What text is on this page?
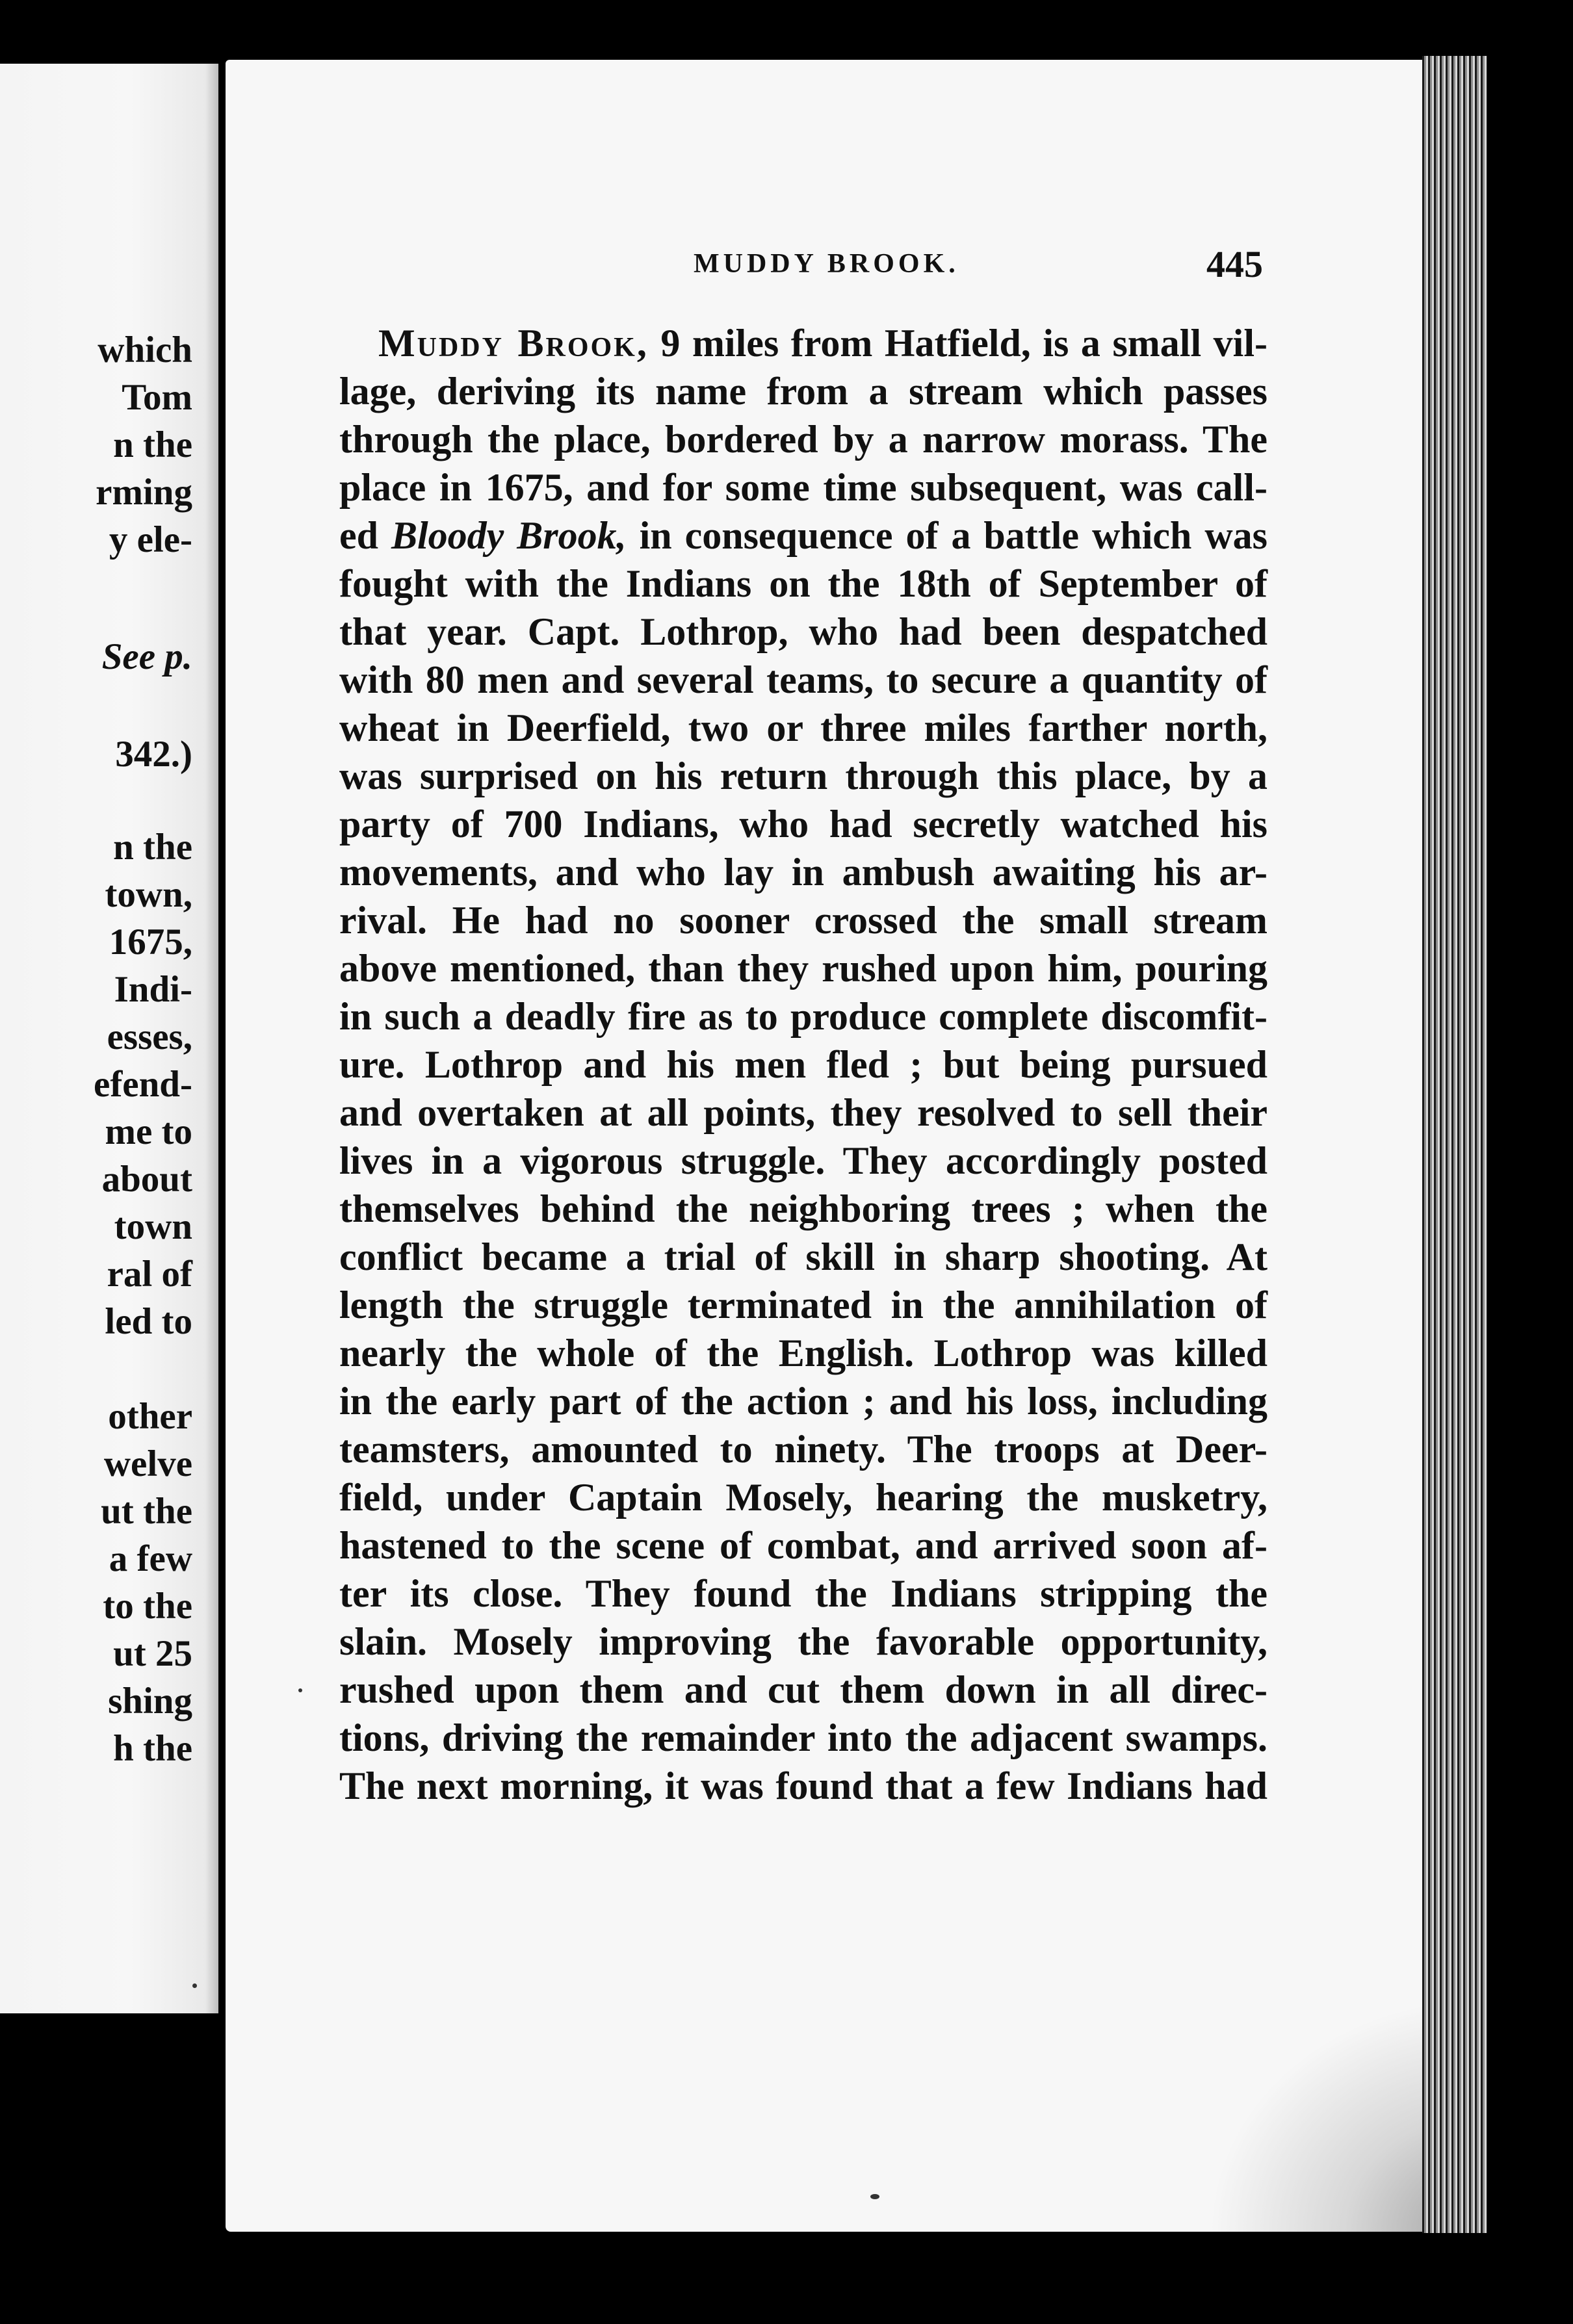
which

Tom

n the

rming

y ele-

See p.

342.)

n the

town,

1675,

Indi-

esses,

efend-

me to

about

town

ral of

led to

other

welve

ut the

a few

to the

ut 25

shing

h the

MUDDY BROOK.	445

Muddy Brook, 9 miles from Hatfield, is a small vil-
lage, deriving its name from a stream which passes
through the place, bordered by a narrow morass. The
place in 1675, and for some time subsequent, was call-
ed Bloody Brook, in consequence of a battle which was
fought with the Indians on the 18th of September of
that year. Capt. Lothrop, who had been despatched
with 80 men and several teams, to secure a quantity of
wheat in Deerfield, two or three miles farther north,
was surprised on his return through this place, by a
party of 700 Indians, who had secretly watched his
movements, and who lay in ambush awaiting his ar-
rival. He had no sooner crossed the small stream
above mentioned, than they rushed upon him, pouring
in such a deadly fire as to produce complete discomfit-
ure. Lothrop and his men fled ; but being pursued
and overtaken at all points, they resolved to sell their
lives in a vigorous struggle. They accordingly posted
themselves behind the neighboring trees ; when the
conflict became a trial of skill in sharp shooting. At
length the struggle terminated in the annihilation of
nearly the whole of the English. Lothrop was killed
in the early part of the action ; and his loss, including
teamsters, amounted to ninety. The troops at Deer-
field, under Captain Mosely, hearing the musketry,
hastened to the scene of combat, and arrived soon af-
ter its close. They found the Indians stripping the
slain. Mosely improving the favorable opportunity,
rushed upon them and cut them down in all direc-
tions, driving the remainder into the adjacent swamps.
The next morning, it was found that a few Indians had
